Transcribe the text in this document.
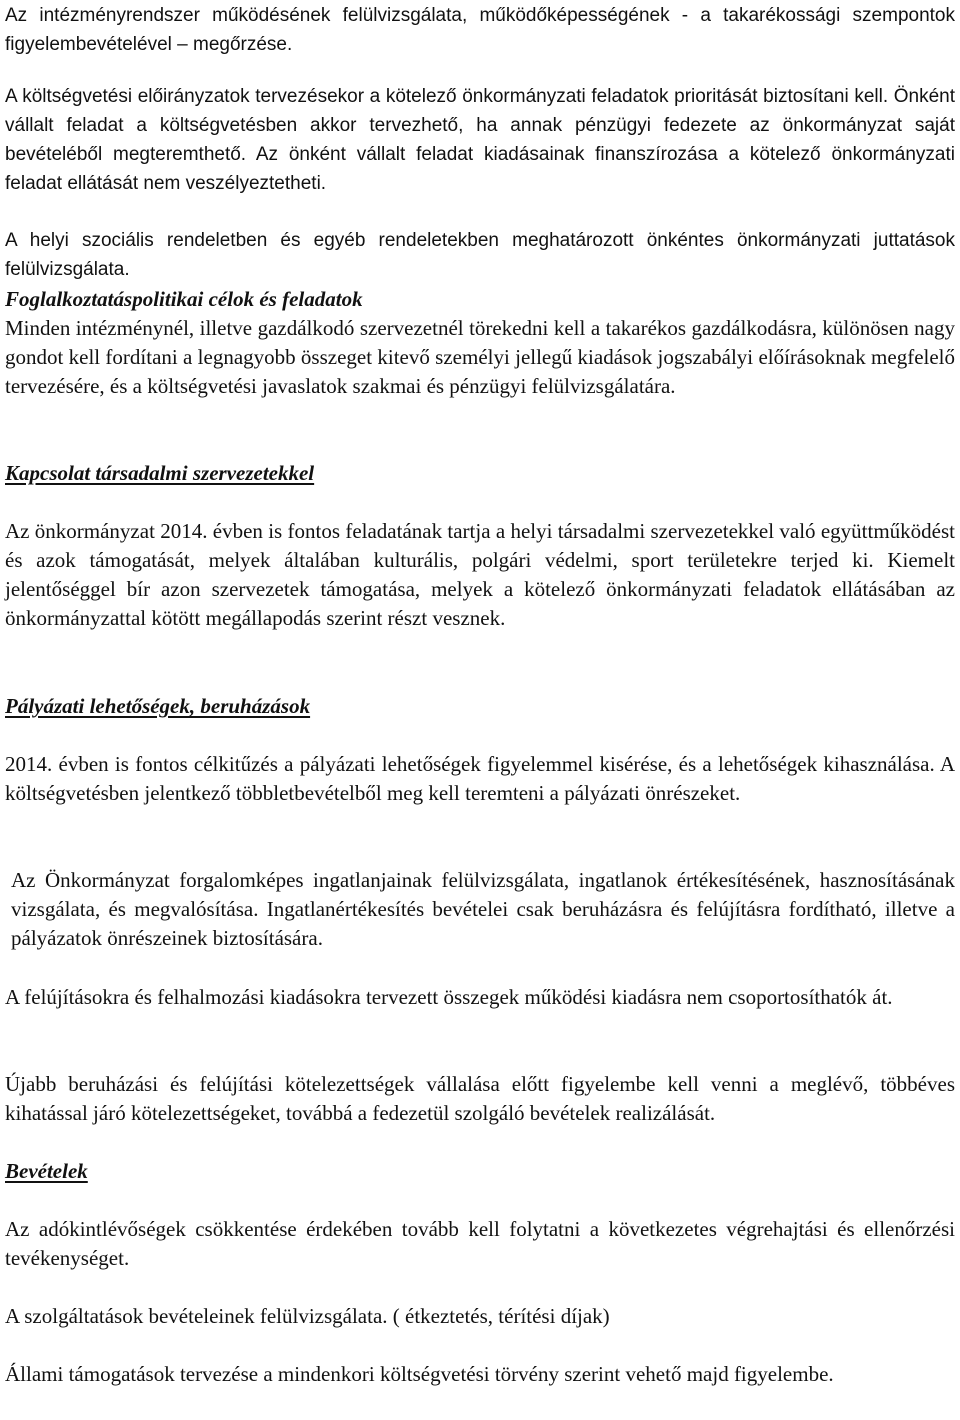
Az intézményrendszer működésének felülvizsgálata, működőképességének - a takarékossági szempontok figyelembevételével – megőrzése.
A költségvetési előirányzatok tervezésekor a kötelező önkormányzati feladatok prioritását biztosítani kell. Önként vállalt feladat a költségvetésben akkor tervezhető, ha annak pénzügyi fedezete az önkormányzat saját bevételéből megteremthető. Az önként vállalt feladat kiadásainak finanszírozása a kötelező önkormányzati feladat ellátását nem veszélyeztetheti.
A helyi szociális rendeletben és egyéb rendeletekben meghatározott önkéntes önkormányzati juttatások felülvizsgálata.
Foglalkoztatáspolitikai célok és feladatok
Minden intézménynél, illetve gazdálkodó szervezetnél törekedni kell a takarékos gazdálkodásra, különösen nagy gondot kell fordítani a legnagyobb összeget kitevő személyi jellegű kiadások jogszabályi előírásoknak megfelelő tervezésére, és a költségvetési javaslatok szakmai és pénzügyi felülvizsgálatára.
Kapcsolat társadalmi szervezetekkel
Az önkormányzat 2014. évben is fontos feladatának tartja a helyi társadalmi szervezetekkel való együttműködést és azok támogatását, melyek általában kulturális, polgári védelmi, sport területekre terjed ki. Kiemelt jelentőséggel bír azon szervezetek támogatása, melyek a kötelező önkormányzati feladatok ellátásában az önkormányzattal kötött megállapodás szerint részt vesznek.
Pályázati lehetőségek, beruházások
2014. évben is fontos célkitűzés a pályázati lehetőségek figyelemmel kisérése, és a lehetőségek kihasználása. A költségvetésben jelentkező többletbevételből meg kell teremteni a pályázati önrészeket.
Az Önkormányzat forgalomképes ingatlanjainak felülvizsgálata, ingatlanok értékesítésének, hasznosításának vizsgálata, és megvalósítása. Ingatlanértékesítés bevételei csak beruházásra és felújításra fordítható, illetve a pályázatok önrészeinek biztosítására.
A felújításokra és felhalmozási kiadásokra tervezett összegek működési kiadásra nem csoportosíthatók át.
Újabb beruházási és felújítási kötelezettségek vállalása előtt figyelembe kell venni a meglévő, többéves kihatással járó kötelezettségeket, továbbá a fedezetül szolgáló bevételek realizálását.
Bevételek
Az adókintlévőségek csökkentése érdekében tovább kell folytatni a következetes végrehajtási és ellenőrzési tevékenységet.
A szolgáltatások bevételeinek felülvizsgálata. ( étkeztetés, térítési díjak)
Állami támogatások tervezése a mindenkori költségvetési törvény szerint vehető majd figyelembe.
